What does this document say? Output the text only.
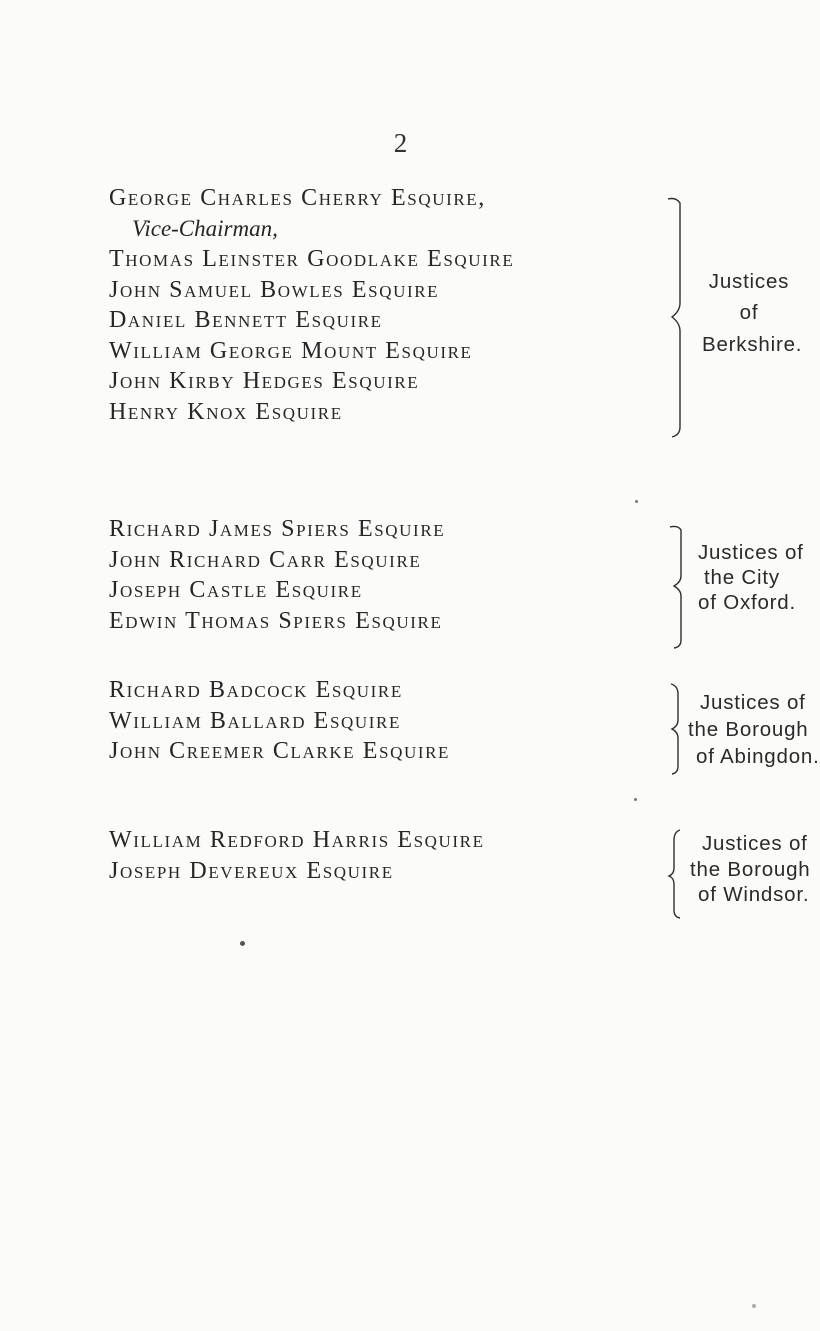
2
George Charles Cherry Esquire,
Vice-Chairman,
Thomas Leinster Goodlake Esquire
John Samuel Bowles Esquire
Daniel Bennett Esquire
William George Mount Esquire
John Kirby Hedges Esquire
Henry Knox Esquire
Justices
of
Berkshire.
Richard James Spiers Esquire
John Richard Carr Esquire
Joseph Castle Esquire
Edwin Thomas Spiers Esquire
Justices of
the City
of Oxford.
Richard Badcock Esquire
William Ballard Esquire
John Creemer Clarke Esquire
Justices of
the Borough
of Abingdon.
William Redford Harris Esquire
Joseph Devereux Esquire
Justices of
the Borough
of Windsor.
